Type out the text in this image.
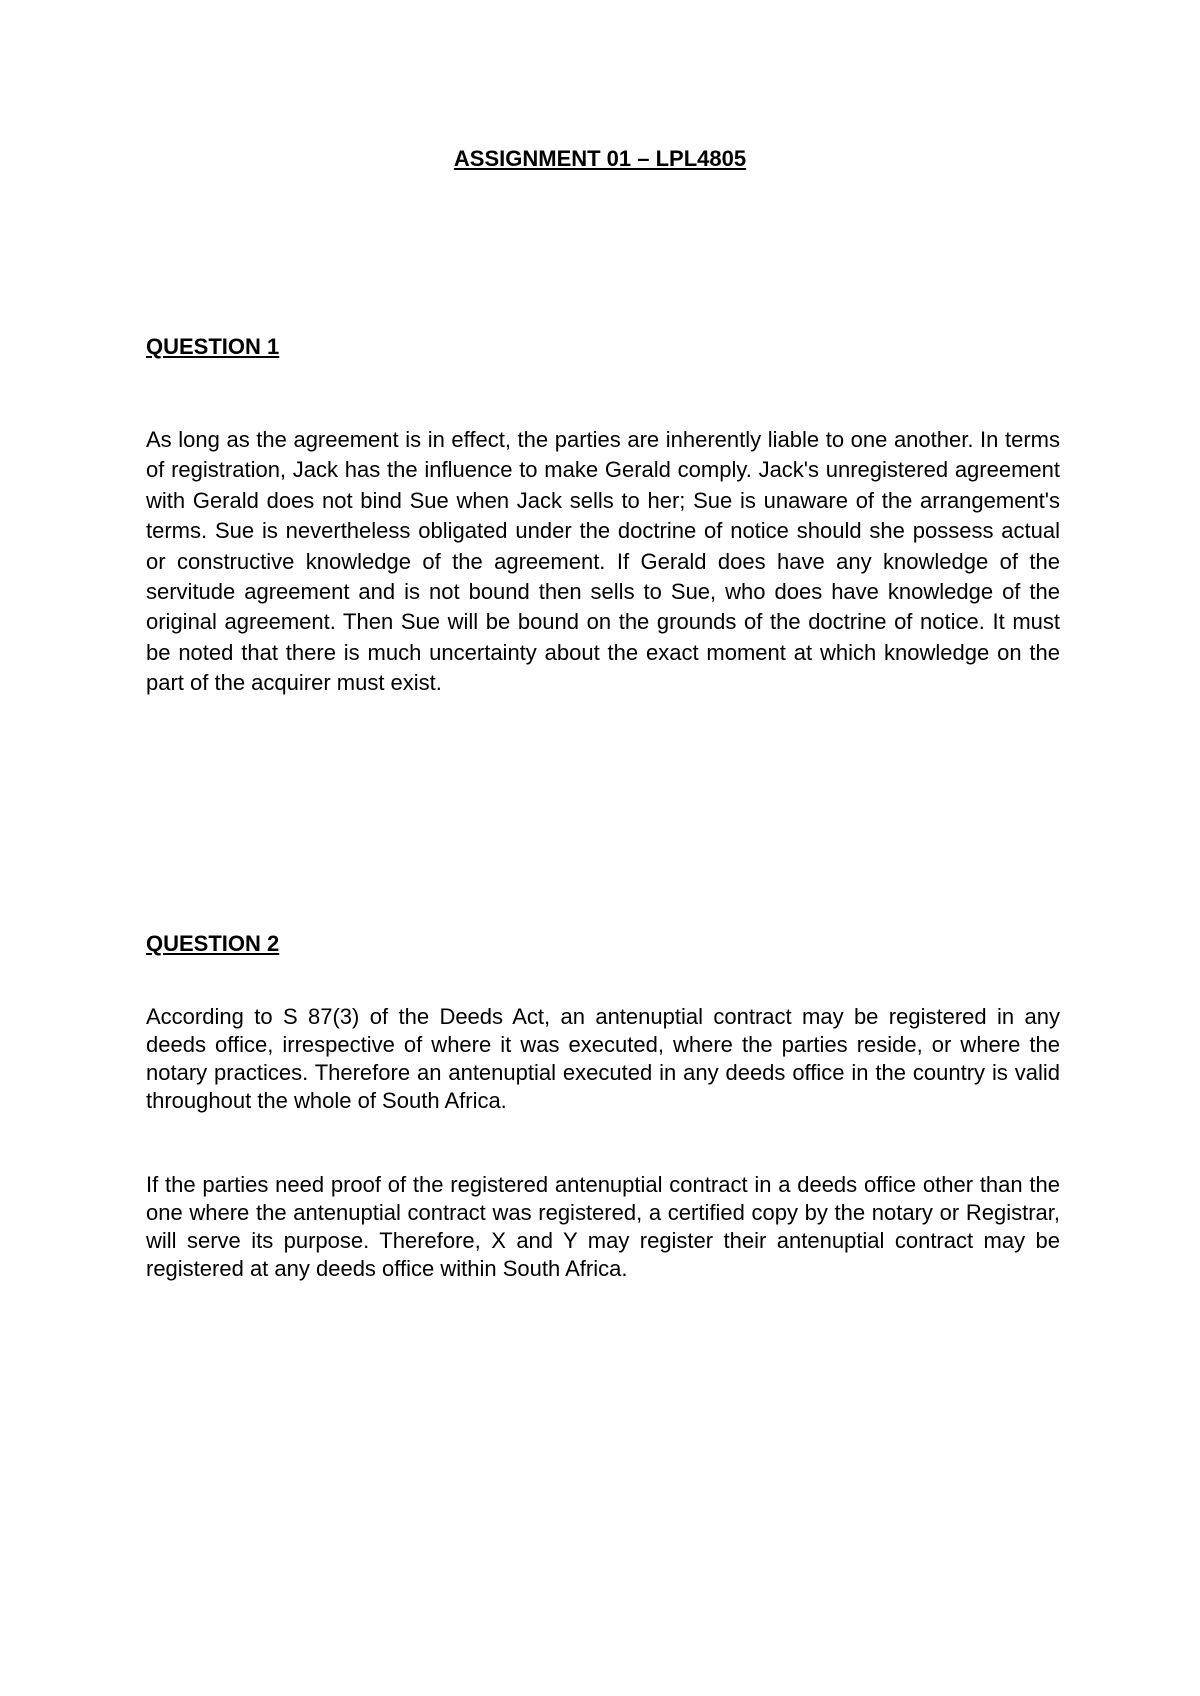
ASSIGNMENT 01 – LPL4805
QUESTION 1

As long as the agreement is in effect, the parties are inherently liable to one another. In terms of registration, Jack has the influence to make Gerald comply. Jack's unregistered agreement with Gerald does not bind Sue when Jack sells to her; Sue is unaware of the arrangement's terms. Sue is nevertheless obligated under the doctrine of notice should she possess actual or constructive knowledge of the agreement. If Gerald does have any knowledge of the servitude agreement and is not bound then sells to Sue, who does have knowledge of the original agreement. Then Sue will be bound on the grounds of the doctrine of notice. It must be noted that there is much uncertainty about the exact moment at which knowledge on the part of the acquirer must exist.

QUESTION 2

According to S 87(3) of the Deeds Act, an antenuptial contract may be registered in any deeds office, irrespective of where it was executed, where the parties reside, or where the notary practices. Therefore an antenuptial executed in any deeds office in the country is valid throughout the whole of South Africa.

If the parties need proof of the registered antenuptial contract in a deeds office other than the one where the antenuptial contract was registered, a certified copy by the notary or Registrar, will serve its purpose. Therefore, X and Y may register their antenuptial contract may be registered at any deeds office within South Africa.
